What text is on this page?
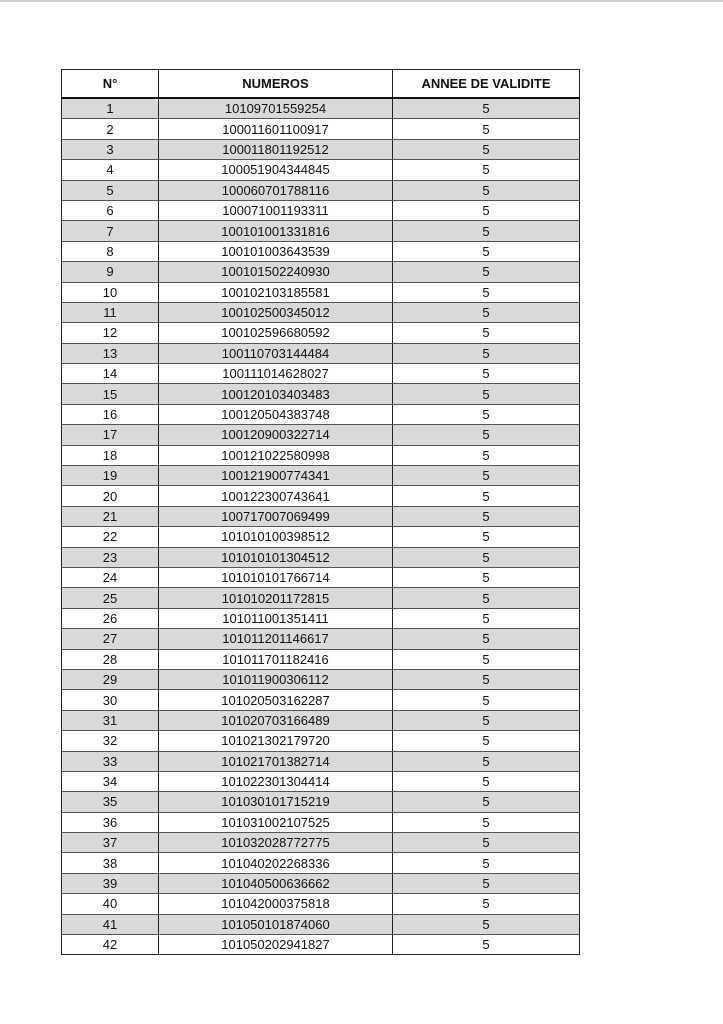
N°	NUMEROS	ANNEE DE VALIDITE
1	10109701559254	5
2	100011601100917	5
3	100011801192512	5
4	100051904344845	5
5	100060701788116	5
6	100071001193311	5
7	100101001331816	5
8	100101003643539	5
9	100101502240930	5
10	100102103185581	5
11	100102500345012	5
12	100102596680592	5
13	100110703144484	5
14	100111014628027	5
15	100120103403483	5
16	100120504383748	5
17	100120900322714	5
18	100121022580998	5
19	100121900774341	5
20	100122300743641	5
21	100717007069499	5
22	101010100398512	5
23	101010101304512	5
24	101010101766714	5
25	101010201172815	5
26	101011001351411	5
27	101011201146617	5
28	101011701182416	5
29	101011900306112	5
30	101020503162287	5
31	101020703166489	5
32	101021302179720	5
33	101021701382714	5
34	101022301304414	5
35	101030101715219	5
36	101031002107525	5
37	101032028772775	5
38	101040202268336	5
39	101040500636662	5
40	101042000375818	5
41	101050101874060	5
42	101050202941827	5
